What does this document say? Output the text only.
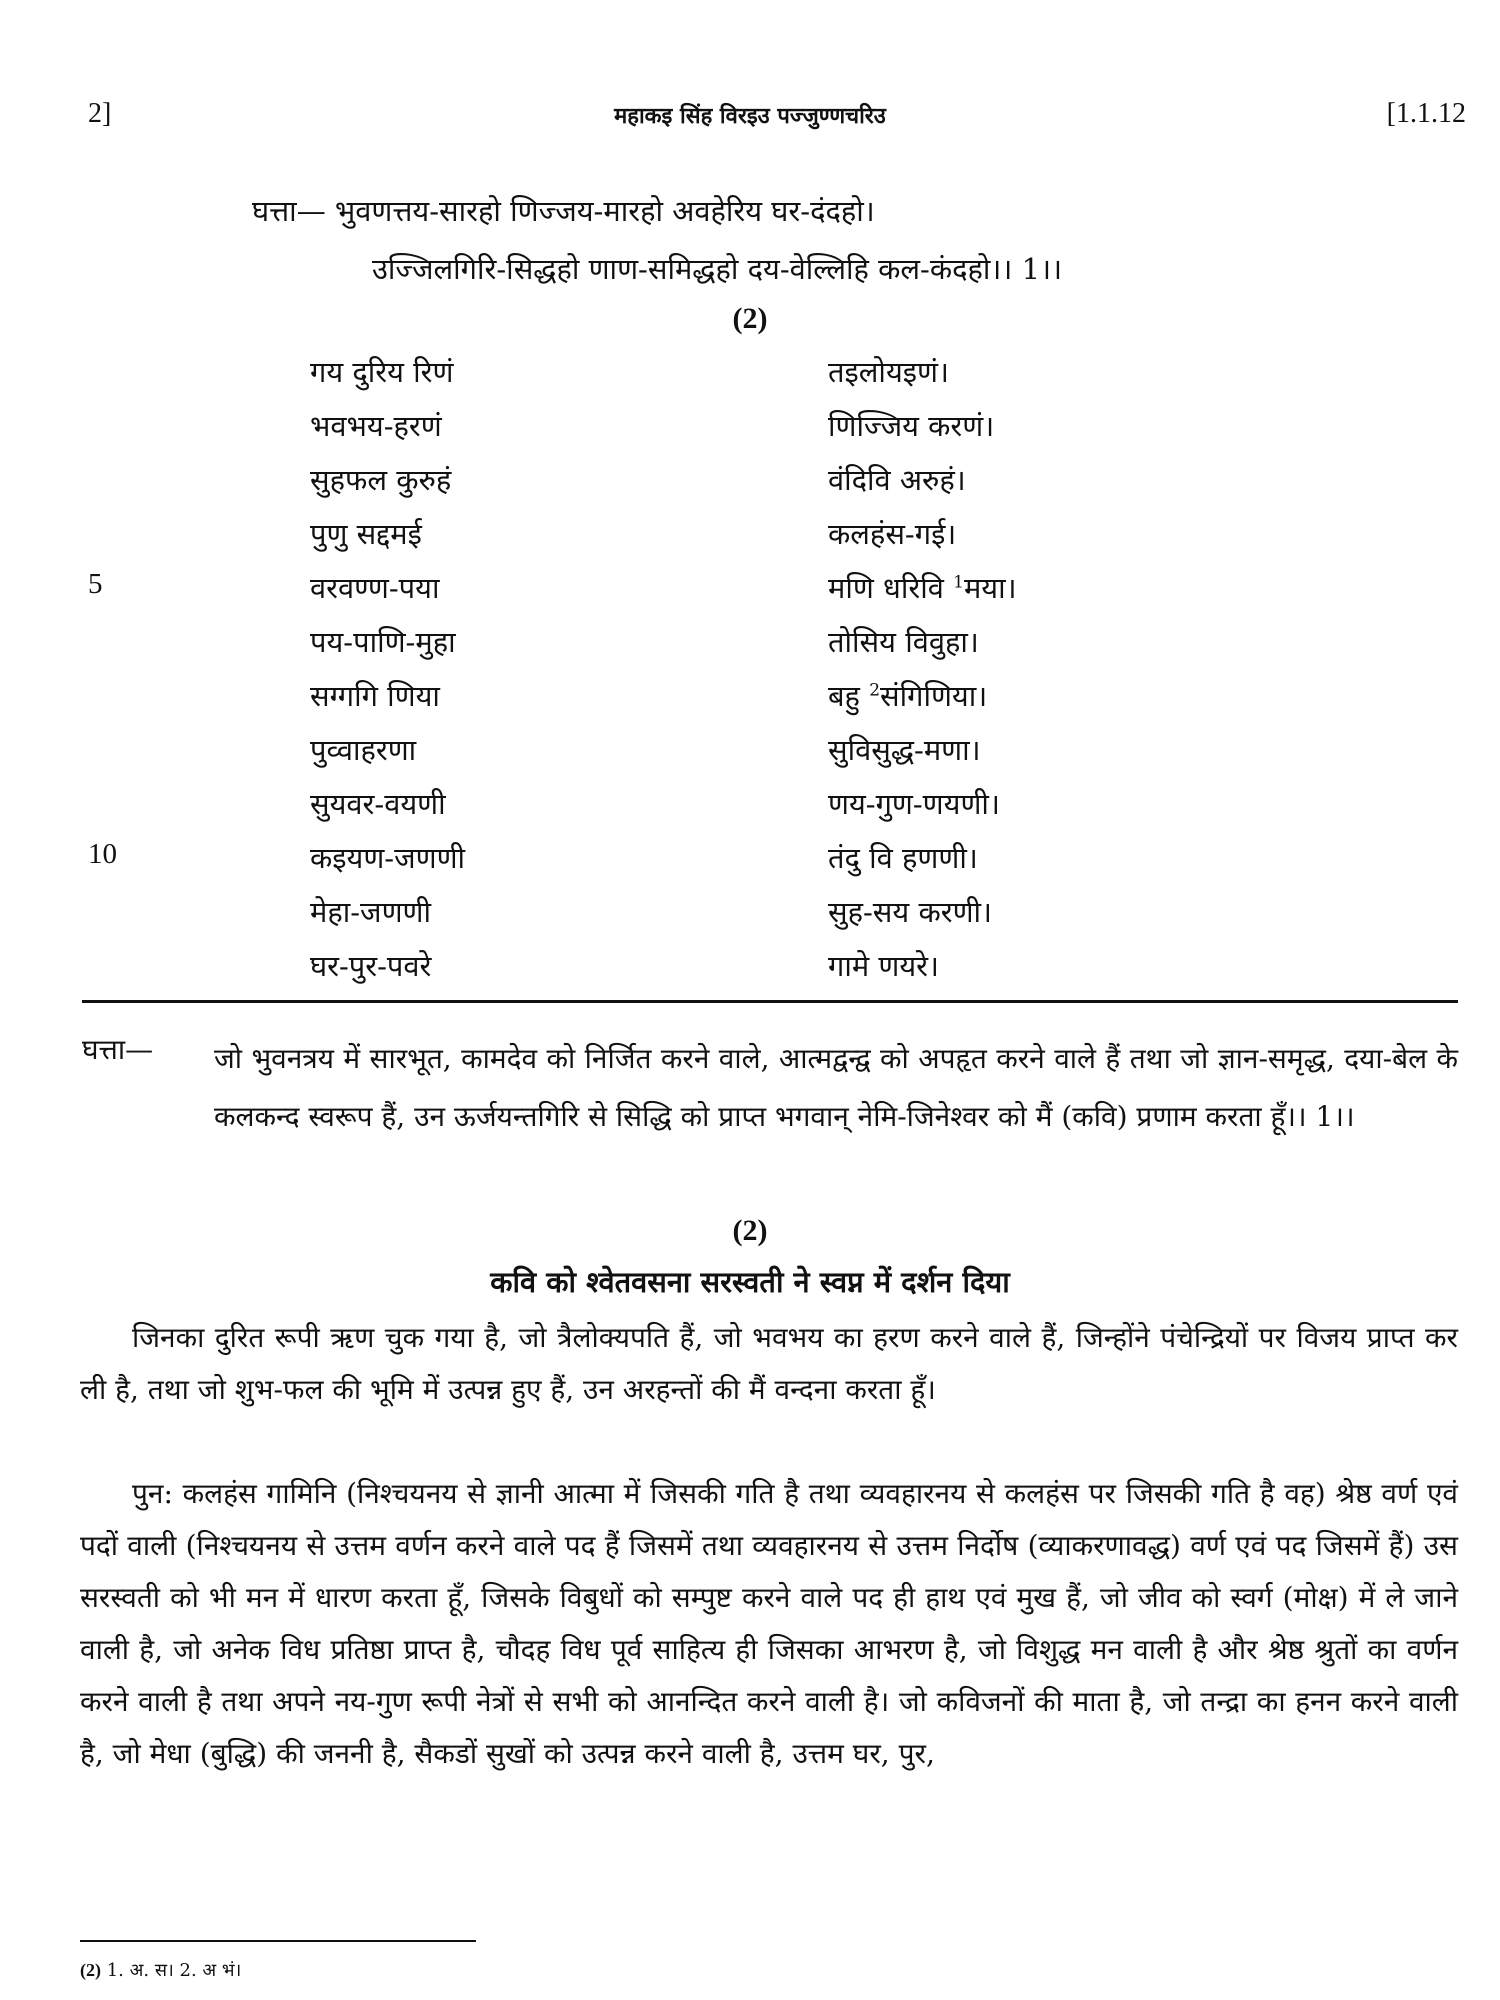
2]	महाकइ सिंह विरइउ पज्जुण्णचरिउ	[1.1.12
घत्ता— भुवणत्तय-सारहो णिज्जय-मारहो अवहेरिय घर-दंदहो।
उज्जिलगिरि-सिद्धहो णाण-समिद्धहो दय-वेल्लिहि कल-कंदहो।। 1।।
(2)
गय दुरिय रिणं	तइलोयइणं।
भवभय-हरणं	णिज्जिय करणं।
सुहफल कुरुहं	वंदिवि अरुहं।
पुणु सद्दमई	कलहंस-गई।
5	वरवण्ण-पया	मणि धरिवि $^1$मया।
पय-पाणि-मुहा	तोसिय विवुहा।
सग्गगि णिया	बहु $^2$संगिणिया।
पुव्वाहरणा	सुविसुद्ध-मणा।
सुयवर-वयणी	णय-गुण-णयणी।
10	कइयण-जणणी	तंदु वि हणणी।
मेहा-जणणी	सुह-सय करणी।
घर-पुर-पवरे	गामे णयरे।
घत्ता— जो भुवनत्रय में सारभूत, कामदेव को निर्जित करने वाले, आत्मद्वन्द्व को अपहृत करने वाले हैं तथा जो ज्ञान-समृद्ध, दया-बेल के कलकन्द स्वरूप हैं, उन ऊर्जयन्तगिरि से सिद्धि को प्राप्त भगवान् नेमि-जिनेश्वर को मैं (कवि) प्रणाम करता हूँ।। 1।।
(2)
कवि को श्वेतवसना सरस्वती ने स्वप्न में दर्शन दिया

जिनका दुरित रूपी ऋण चुक गया है, जो त्रैलोक्यपति हैं, जो भवभय का हरण करने वाले हैं, जिन्होंने पंचेन्द्रियों पर विजय प्राप्त कर ली है, तथा जो शुभ-फल की भूमि में उत्पन्न हुए हैं, उन अरहन्तों की मैं वन्दना करता हूँ।

पुन: कलहंस गामिनि (निश्चयनय से ज्ञानी आत्मा में जिसकी गति है तथा व्यवहारनय से कलहंस पर जिसकी गति है वह) श्रेष्ठ वर्ण एवं पदों वाली (निश्चयनय से उत्तम वर्णन करने वाले पद हैं जिसमें तथा व्यवहारनय से उत्तम निर्दोष (व्याकरणावद्ध) वर्ण एवं पद जिसमें हैं) उस सरस्वती को भी मन में धारण करता हूँ, जिसके विबुधों को सम्पुष्ट करने वाले पद ही हाथ एवं मुख हैं, जो जीव को स्वर्ग (मोक्ष) में ले जाने वाली है, जो अनेक विध प्रतिष्ठा प्राप्त है, चौदह विध पूर्व साहित्य ही जिसका आभरण है, जो विशुद्ध मन वाली है और श्रेष्ठ श्रुतों का वर्णन करने वाली है तथा अपने नय-गुण रूपी नेत्रों से सभी को आनन्दित करने वाली है। जो कविजनों की माता है, जो तन्द्रा का हनन करने वाली है, जो मेधा (बुद्धि) की जननी है, सैकडों सुखों को उत्पन्न करने वाली है, उत्तम घर, पुर,

(2) 1. अ. स। 2. अ भं।
